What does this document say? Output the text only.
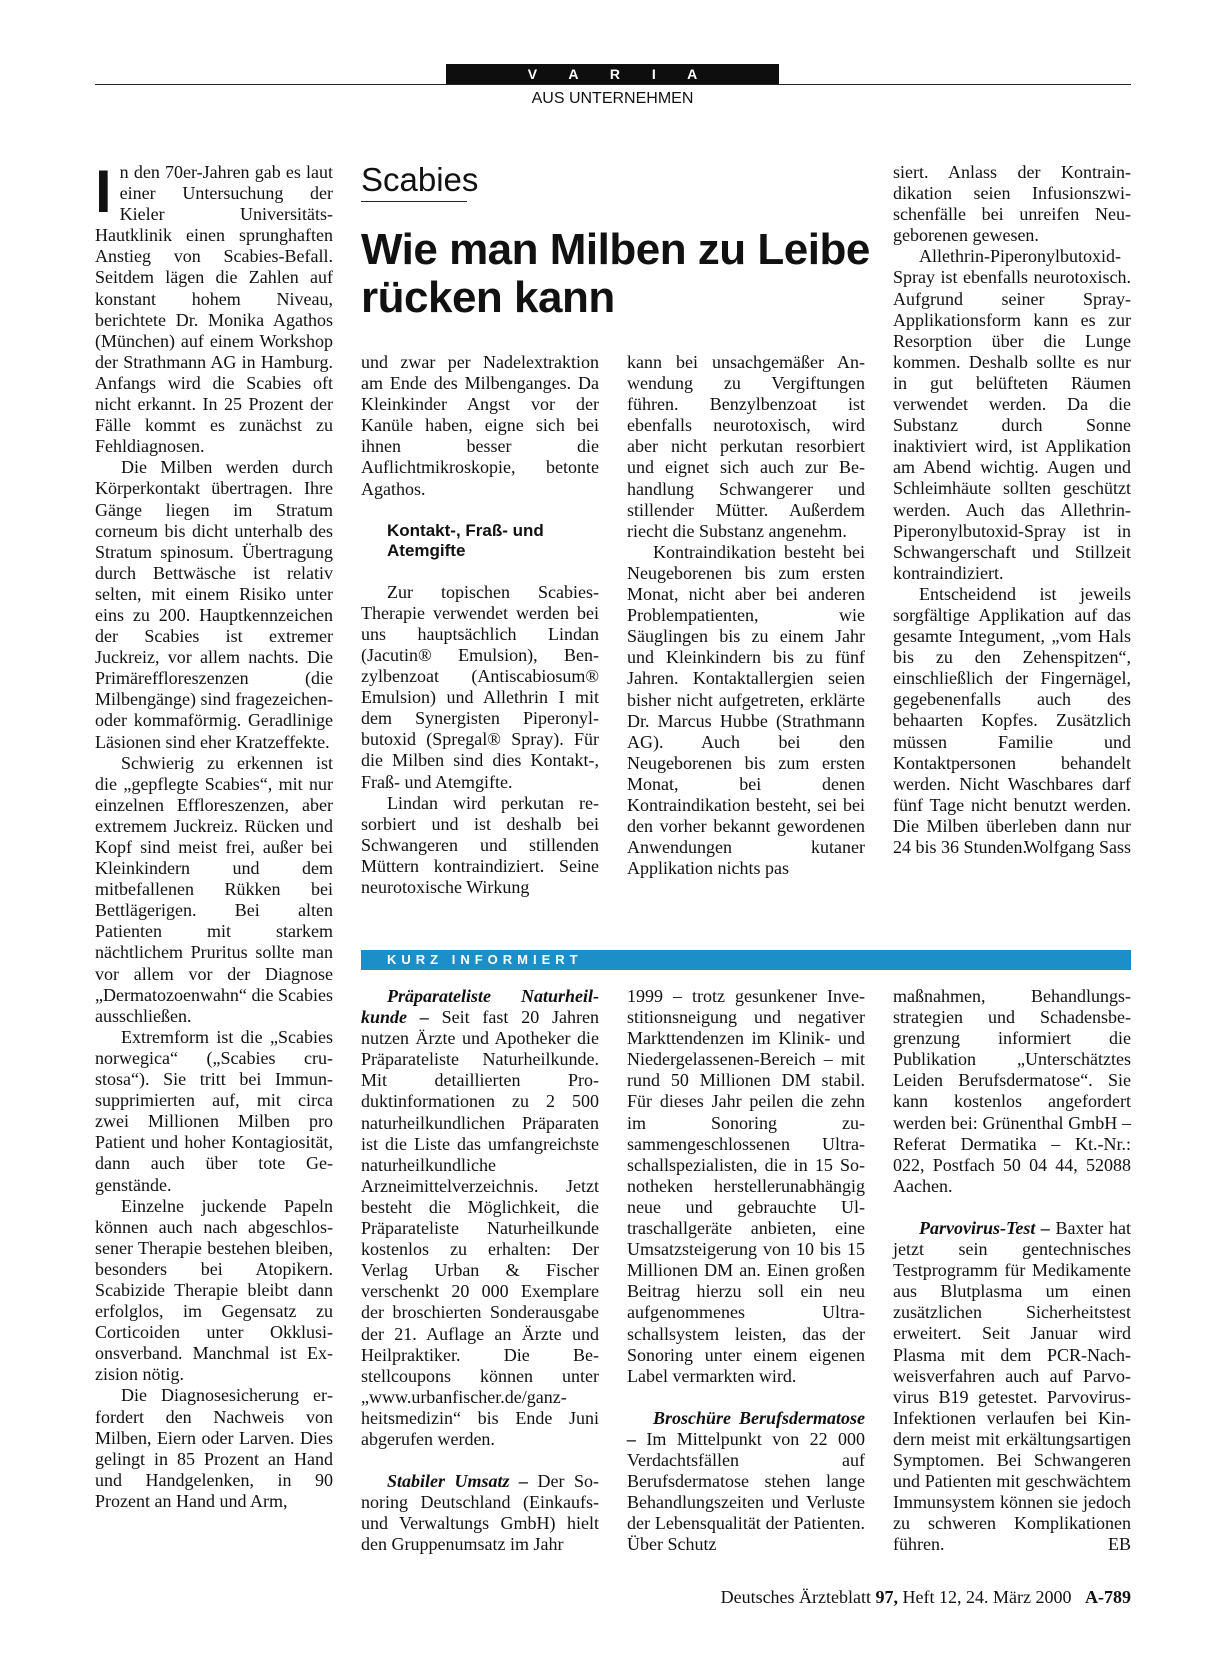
V A R I A
AUS UNTERNEHMEN
I n den 70er-Jahren gab es laut einer Untersuchung der Kieler Universitäts-Hautklinik einen sprunghaften Anstieg von Scabies-Befall. Seitdem lägen die Zahlen auf konstant hohem Niveau, berichtete Dr. Monika Agathos (München) auf einem Workshop der Strathmann AG in Hamburg. Anfangs wird die Scabies oft nicht erkannt. In 25 Prozent der Fälle kommt es zunächst zu Fehldiagnosen.

Die Milben werden durch Körperkontakt übertragen. Ihre Gänge liegen im Stratum corneum bis dicht unterhalb des Stratum spinosum. Übertragung durch Bettwäsche ist relativ selten, mit einem Risiko unter eins zu 200. Hauptkennzeichen der Scabies ist extremer Juckreiz, vor allem nachts. Die Primäreffloreszenzen (die Milbengänge) sind fragezeichen- oder kommaförmig. Geradlinige Läsionen sind eher Kratzeffekte.

Schwierig zu erkennen ist die „gepflegte Scabies“, mit nur einzelnen Effloreszenzen, aber extremem Juckreiz. Rücken und Kopf sind meist frei, außer bei Kleinkindern und dem mitbefallenen Rükken bei Bettlägerigen. Bei alten Patienten mit starkem nächtlichem Pruritus sollte man vor allem vor der Diagnose „Dermatozoenwahn“ die Scabies ausschließen.

Extremform ist die „Scabies norwegica“ („Scabies crustosa“). Sie tritt bei Immunsupprimierten auf, mit circa zwei Millionen Milben pro Patient und hoher Kontagiosität, dann auch über tote Gegenstände.

Einzelne juckende Papeln können auch nach abgeschlossener Therapie bestehen bleiben, besonders bei Atopikern. Scabizide Therapie bleibt dann erfolglos, im Gegensatz zu Corticoiden unter Okklusionsverband. Manchmal ist Exzision nötig.

Die Diagnosesicherung erfordert den Nachweis von Milben, Eiern oder Larven. Dies gelingt in 85 Prozent an Hand und Handgelenken, in 90 Prozent an Hand und Arm,

Scabies
Wie man Milben zu Leibe rücken kann

und zwar per Nadelextraktion am Ende des Milbenganges. Da Kleinkinder Angst vor der Kanüle haben, eigne sich bei ihnen besser die Auflichtmikroskopie, betonte Agathos.

Kontakt-, Fraß- und Atemgifte

Zur topischen Scabies-Therapie verwendet werden bei uns hauptsächlich Lindan (Jacutin® Emulsion), Benzylbenzoat (Antiscabiosum® Emulsion) und Allethrin I mit dem Synergisten Piperonylbutoxid (Spregal® Spray). Für die Milben sind dies Kontakt-, Fraß- und Atemgifte.

Lindan wird perkutan resorbiert und ist deshalb bei Schwangeren und stillenden Müttern kontraindiziert. Seine neurotoxische Wirkung

kann bei unsachgemäßer Anwendung zu Vergiftungen führen. Benzylbenzoat ist ebenfalls neurotoxisch, wird aber nicht perkutan resorbiert und eignet sich auch zur Behandlung Schwangerer und stillender Mütter. Außerdem riecht die Substanz angenehm.

Kontraindikation besteht bei Neugeborenen bis zum ersten Monat, nicht aber bei anderen Problempatienten, wie Säuglingen bis zu einem Jahr und Kleinkindern bis zu fünf Jahren. Kontaktallergien seien bisher nicht aufgetreten, erklärte Dr. Marcus Hubbe (Strathmann AG). Auch bei den Neugeborenen bis zum ersten Monat, bei denen Kontraindikation besteht, sei bei den vorher bekannt gewordenen Anwendungen kutaner Applikation nichts pas

siert. Anlass der Kontraindikation seien Infusionszwischenfälle bei unreifen Neugeborenen gewesen.

Allethrin-Piperonylbutoxid-Spray ist ebenfalls neurotoxisch. Aufgrund seiner Spray-Applikationsform kann es zur Resorption über die Lunge kommen. Deshalb sollte es nur in gut belüfteten Räumen verwendet werden. Da die Substanz durch Sonne inaktiviert wird, ist Applikation am Abend wichtig. Augen und Schleimhäute sollten geschützt werden. Auch das Allethrin-Piperonylbutoxid-Spray ist in Schwangerschaft und Stillzeit kontraindiziert.

Entscheidend ist jeweils sorgfältige Applikation auf das gesamte Integument, „vom Hals bis zu den Zehenspitzen“, einschließlich der Fingernägel, gegebenenfalls auch des behaarten Kopfes. Zusätzlich müssen Familie und Kontaktpersonen behandelt werden. Nicht Waschbares darf fünf Tage nicht benutzt werden. Die Milben überleben dann nur 24 bis 36 Stunden.

Wolfgang Sass
KURZ INFORMIERT

Präparateliste Naturheilkunde – Seit fast 20 Jahren nutzen Ärzte und Apotheker die Präparateliste Naturheilkunde. Mit detaillierten Produktinformationen zu 2 500 naturheilkundlichen Präparaten ist die Liste das umfangreichste naturheilkundliche Arzneimittelverzeichnis. Jetzt besteht die Möglichkeit, die Präparateliste Naturheilkunde kostenlos zu erhalten: Der Verlag Urban & Fischer verschenkt 20 000 Exemplare der broschierten Sonderausgabe der 21. Auflage an Ärzte und Heilpraktiker. Die Bestellcoupons können unter „www.urbanfischer.de/ganzheitsmedizin“ bis Ende Juni abgerufen werden.

Stabiler Umsatz – Der Sonoring Deutschland (Einkaufs- und Verwaltungs GmbH) hielt den Gruppenumsatz im Jahr

1999 – trotz gesunkener Investitionsneigung und negativer Markttendenzen im Klinik- und Niedergelassenen-Bereich – mit rund 50 Millionen DM stabil. Für dieses Jahr peilen die zehn im Sonoring zusammengeschlossenen Ultraschallspezialisten, die in 15 Sonotheken herstellerunabhängig neue und gebrauchte Ultraschallgeräte anbieten, eine Umsatzsteigerung von 10 bis 15 Millionen DM an. Einen großen Beitrag hierzu soll ein neu aufgenommenes Ultraschallsystem leisten, das der Sonoring unter einem eigenen Label vermarkten wird.

Broschüre Berufsdermatose – Im Mittelpunkt von 22 000 Verdachtsfällen auf Berufsdermatose stehen lange Behandlungszeiten und Verluste der Lebensqualität der Patienten. Über Schutz

maßnahmen, Behandlungsstrategien und Schadensbegrenzung informiert die Publikation „Unterschätztes Leiden Berufsdermatose“. Sie kann kostenlos angefordert werden bei: Grünenthal GmbH – Referat Dermatika – Kt.-Nr.: 022, Postfach 50 04 44, 52088 Aachen.

Parvovirus-Test – Baxter hat jetzt sein gentechnisches Testprogramm für Medikamente aus Blutplasma um einen zusätzlichen Sicherheitstest erweitert. Seit Januar wird Plasma mit dem PCR-Nachweisverfahren auch auf Parvovirus B19 getestet. Parvovirus-Infektionen verlaufen bei Kindern meist mit erkältungsartigen Symptomen. Bei Schwangeren und Patienten mit geschwächtem Immunsystem können sie jedoch zu schweren Komplikationen führen.	EB
Deutsches Ärzteblatt 97, Heft 12, 24. März 2000 A-789
